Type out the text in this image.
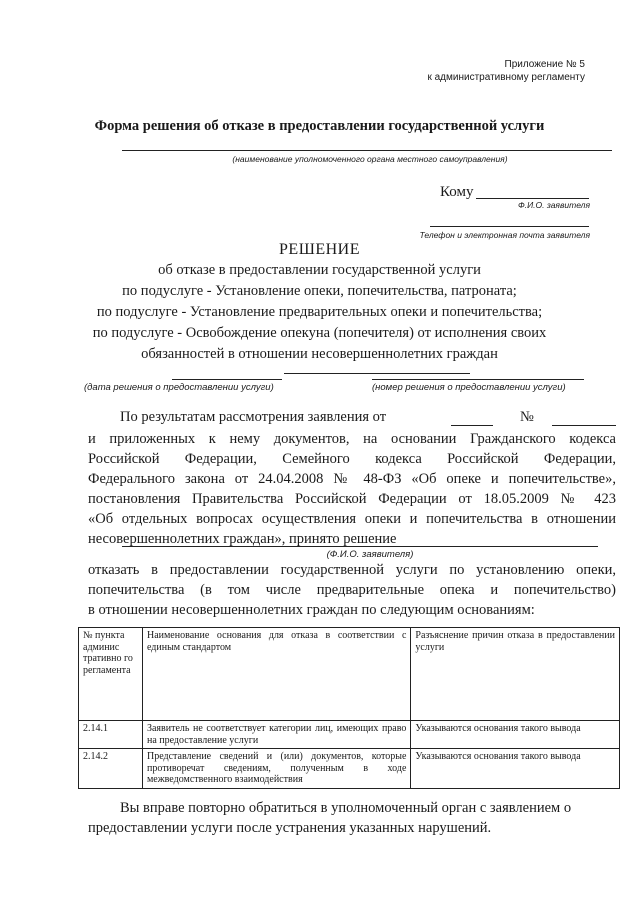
Приложение № 5
к административному регламенту
Форма решения об отказе в предоставлении государственной услуги
(наименование уполномоченного органа местного самоуправления)
Кому
Ф.И.О. заявителя
Телефон и электронная почта заявителя
РЕШЕНИЕ
об отказе в предоставлении государственной услуги
по подуслуге - Установление опеки, попечительства, патроната;
по подуслуге - Установление предварительных опеки и попечительства;
по подуслуге - Освобождение опекуна (попечителя) от исполнения своих
обязанностей в отношении несовершеннолетних граждан
(дата решения о предоставлении услуги)	(номер решения о предоставлении услуги)
По результатам рассмотрения заявления от	№
и приложенных к нему документов, на основании Гражданского кодекса
Российской Федерации, Семейного кодекса Российской Федерации,
Федерального закона от 24.04.2008 № 48-ФЗ «Об опеке и попечительстве»,
постановления Правительства Российской Федерации от 18.05.2009 № 423
«Об отдельных вопросах осуществления опеки и попечительства в отношении
несовершеннолетних граждан», принято решение
(Ф.И.О. заявителя)
отказать в предоставлении государственной услуги по установлению опеки,
попечительства (в том числе предварительные опека и попечительство)
в отношении несовершеннолетних граждан по следующим основаниям:
№ пункта админис тративно го регламента	Наименование основания для отказа в соответствии с единым стандартом	Разъяснение причин отказа в предоставлении услуги
2.14.1	Заявитель не соответствует категории лиц, имеющих право на предоставление услуги	Указываются основания такого вывода
2.14.2	Представление сведений и (или) документов, которые противоречат сведениям, полученным в ходе межведомственного взаимодействия	Указываются основания такого вывода
Вы вправе повторно обратиться в уполномоченный орган с заявлением о предоставлении услуги после устранения указанных нарушений.
